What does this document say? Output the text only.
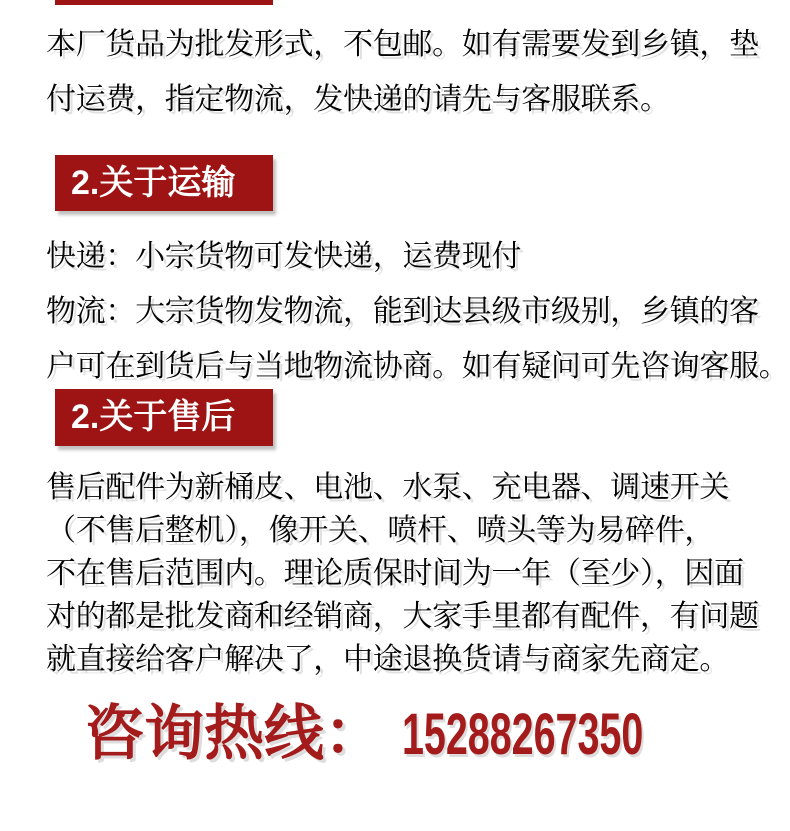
本厂货品为批发形式，不包邮。如有需要发到乡镇，垫
付运费，指定物流，发快递的请先与客服联系。
2.关于运输
快递：小宗货物可发快递，运费现付
物流：大宗货物发物流，能到达县级市级别，乡镇的客
户可在到货后与当地物流协商。如有疑问可先咨询客服。
2.关于售后
售后配件为新桶皮、电池、水泵、充电器、调速开关
（不售后整机），像开关、喷杆、喷头等为易碎件，
不在售后范围内。理论质保时间为一年（至少），因面
对的都是批发商和经销商，大家手里都有配件，有问题
就直接给客户解决了，中途退换货请与商家先商定。
咨询热线： 15288267350
